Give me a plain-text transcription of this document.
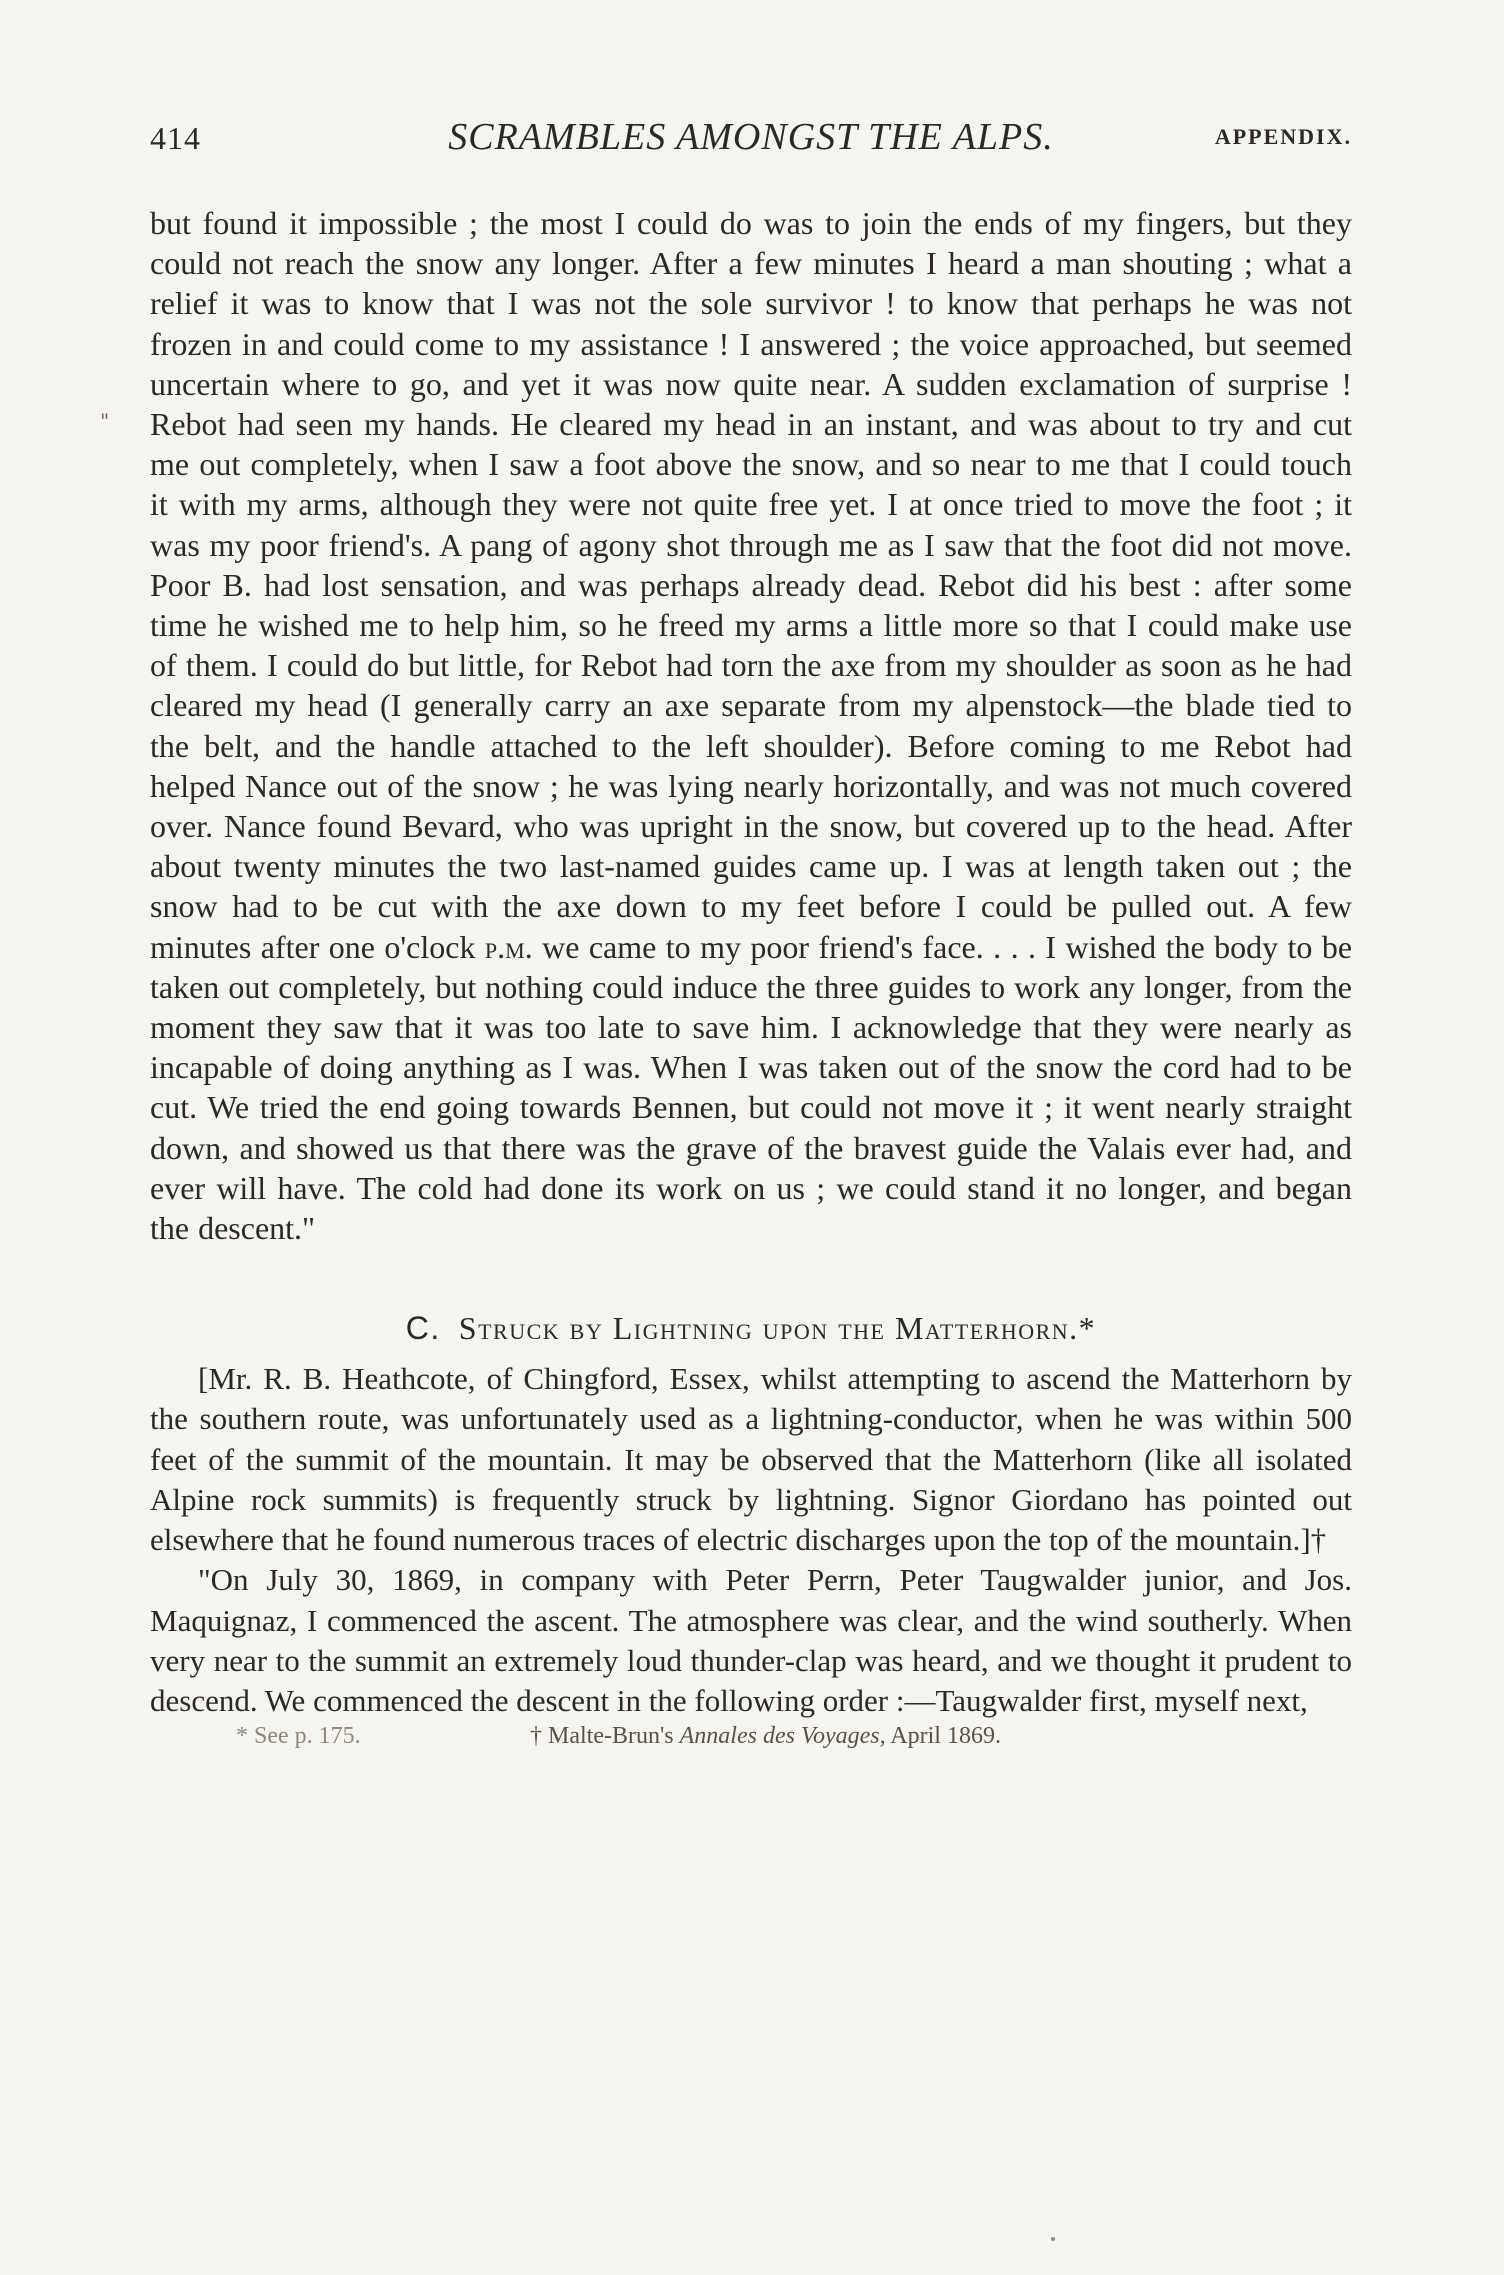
414	SCRAMBLES AMONGST THE ALPS.	APPENDIX.

but found it impossible ; the most I could do was to join the ends of my fingers, but they could not reach the snow any longer. After a few minutes I heard a man shouting ; what a relief it was to know that I was not the sole survivor ! to know that perhaps he was not frozen in and could come to my assistance ! I answered ; the voice approached, but seemed uncertain where to go, and yet it was now quite near. A sudden exclamation of surprise ! Rebot had seen my hands. He cleared my head in an instant, and was about to try and cut me out completely, when I saw a foot above the snow, and so near to me that I could touch it with my arms, although they were not quite free yet. I at once tried to move the foot ; it was my poor friend's. A pang of agony shot through me as I saw that the foot did not move. Poor B. had lost sensation, and was perhaps already dead. Rebot did his best : after some time he wished me to help him, so he freed my arms a little more so that I could make use of them. I could do but little, for Rebot had torn the axe from my shoulder as soon as he had cleared my head (I generally carry an axe separate from my alpenstock—the blade tied to the belt, and the handle attached to the left shoulder). Before coming to me Rebot had helped Nance out of the snow ; he was lying nearly horizontally, and was not much covered over. Nance found Bevard, who was upright in the snow, but covered up to the head. After about twenty minutes the two last-named guides came up. I was at length taken out ; the snow had to be cut with the axe down to my feet before I could be pulled out. A few minutes after one o'clock p.m. we came to my poor friend's face. . . . I wished the body to be taken out completely, but nothing could induce the three guides to work any longer, from the moment they saw that it was too late to save him. I acknowledge that they were nearly as incapable of doing anything as I was. When I was taken out of the snow the cord had to be cut. We tried the end going towards Bennen, but could not move it ; it went nearly straight down, and showed us that there was the grave of the bravest guide the Valais ever had, and ever will have. The cold had done its work on us ; we could stand it no longer, and began the descent."

C. Struck by Lightning upon the Matterhorn.*

[Mr. R. B. Heathcote, of Chingford, Essex, whilst attempting to ascend the Matterhorn by the southern route, was unfortunately used as a lightning-conductor, when he was within 500 feet of the summit of the mountain. It may be observed that the Matterhorn (like all isolated Alpine rock summits) is frequently struck by lightning. Signor Giordano has pointed out elsewhere that he found numerous traces of electric discharges upon the top of the mountain.]†

"On July 30, 1869, in company with Peter Perrn, Peter Taugwalder junior, and Jos. Maquignaz, I commenced the ascent. The atmosphere was clear, and the wind southerly. When very near to the summit an extremely loud thunder-clap was heard, and we thought it prudent to descend. We commenced the descent in the following order :—Taugwalder first, myself next,

* See p. 175.	† Malte-Brun's Annales des Voyages, April 1869.
"
